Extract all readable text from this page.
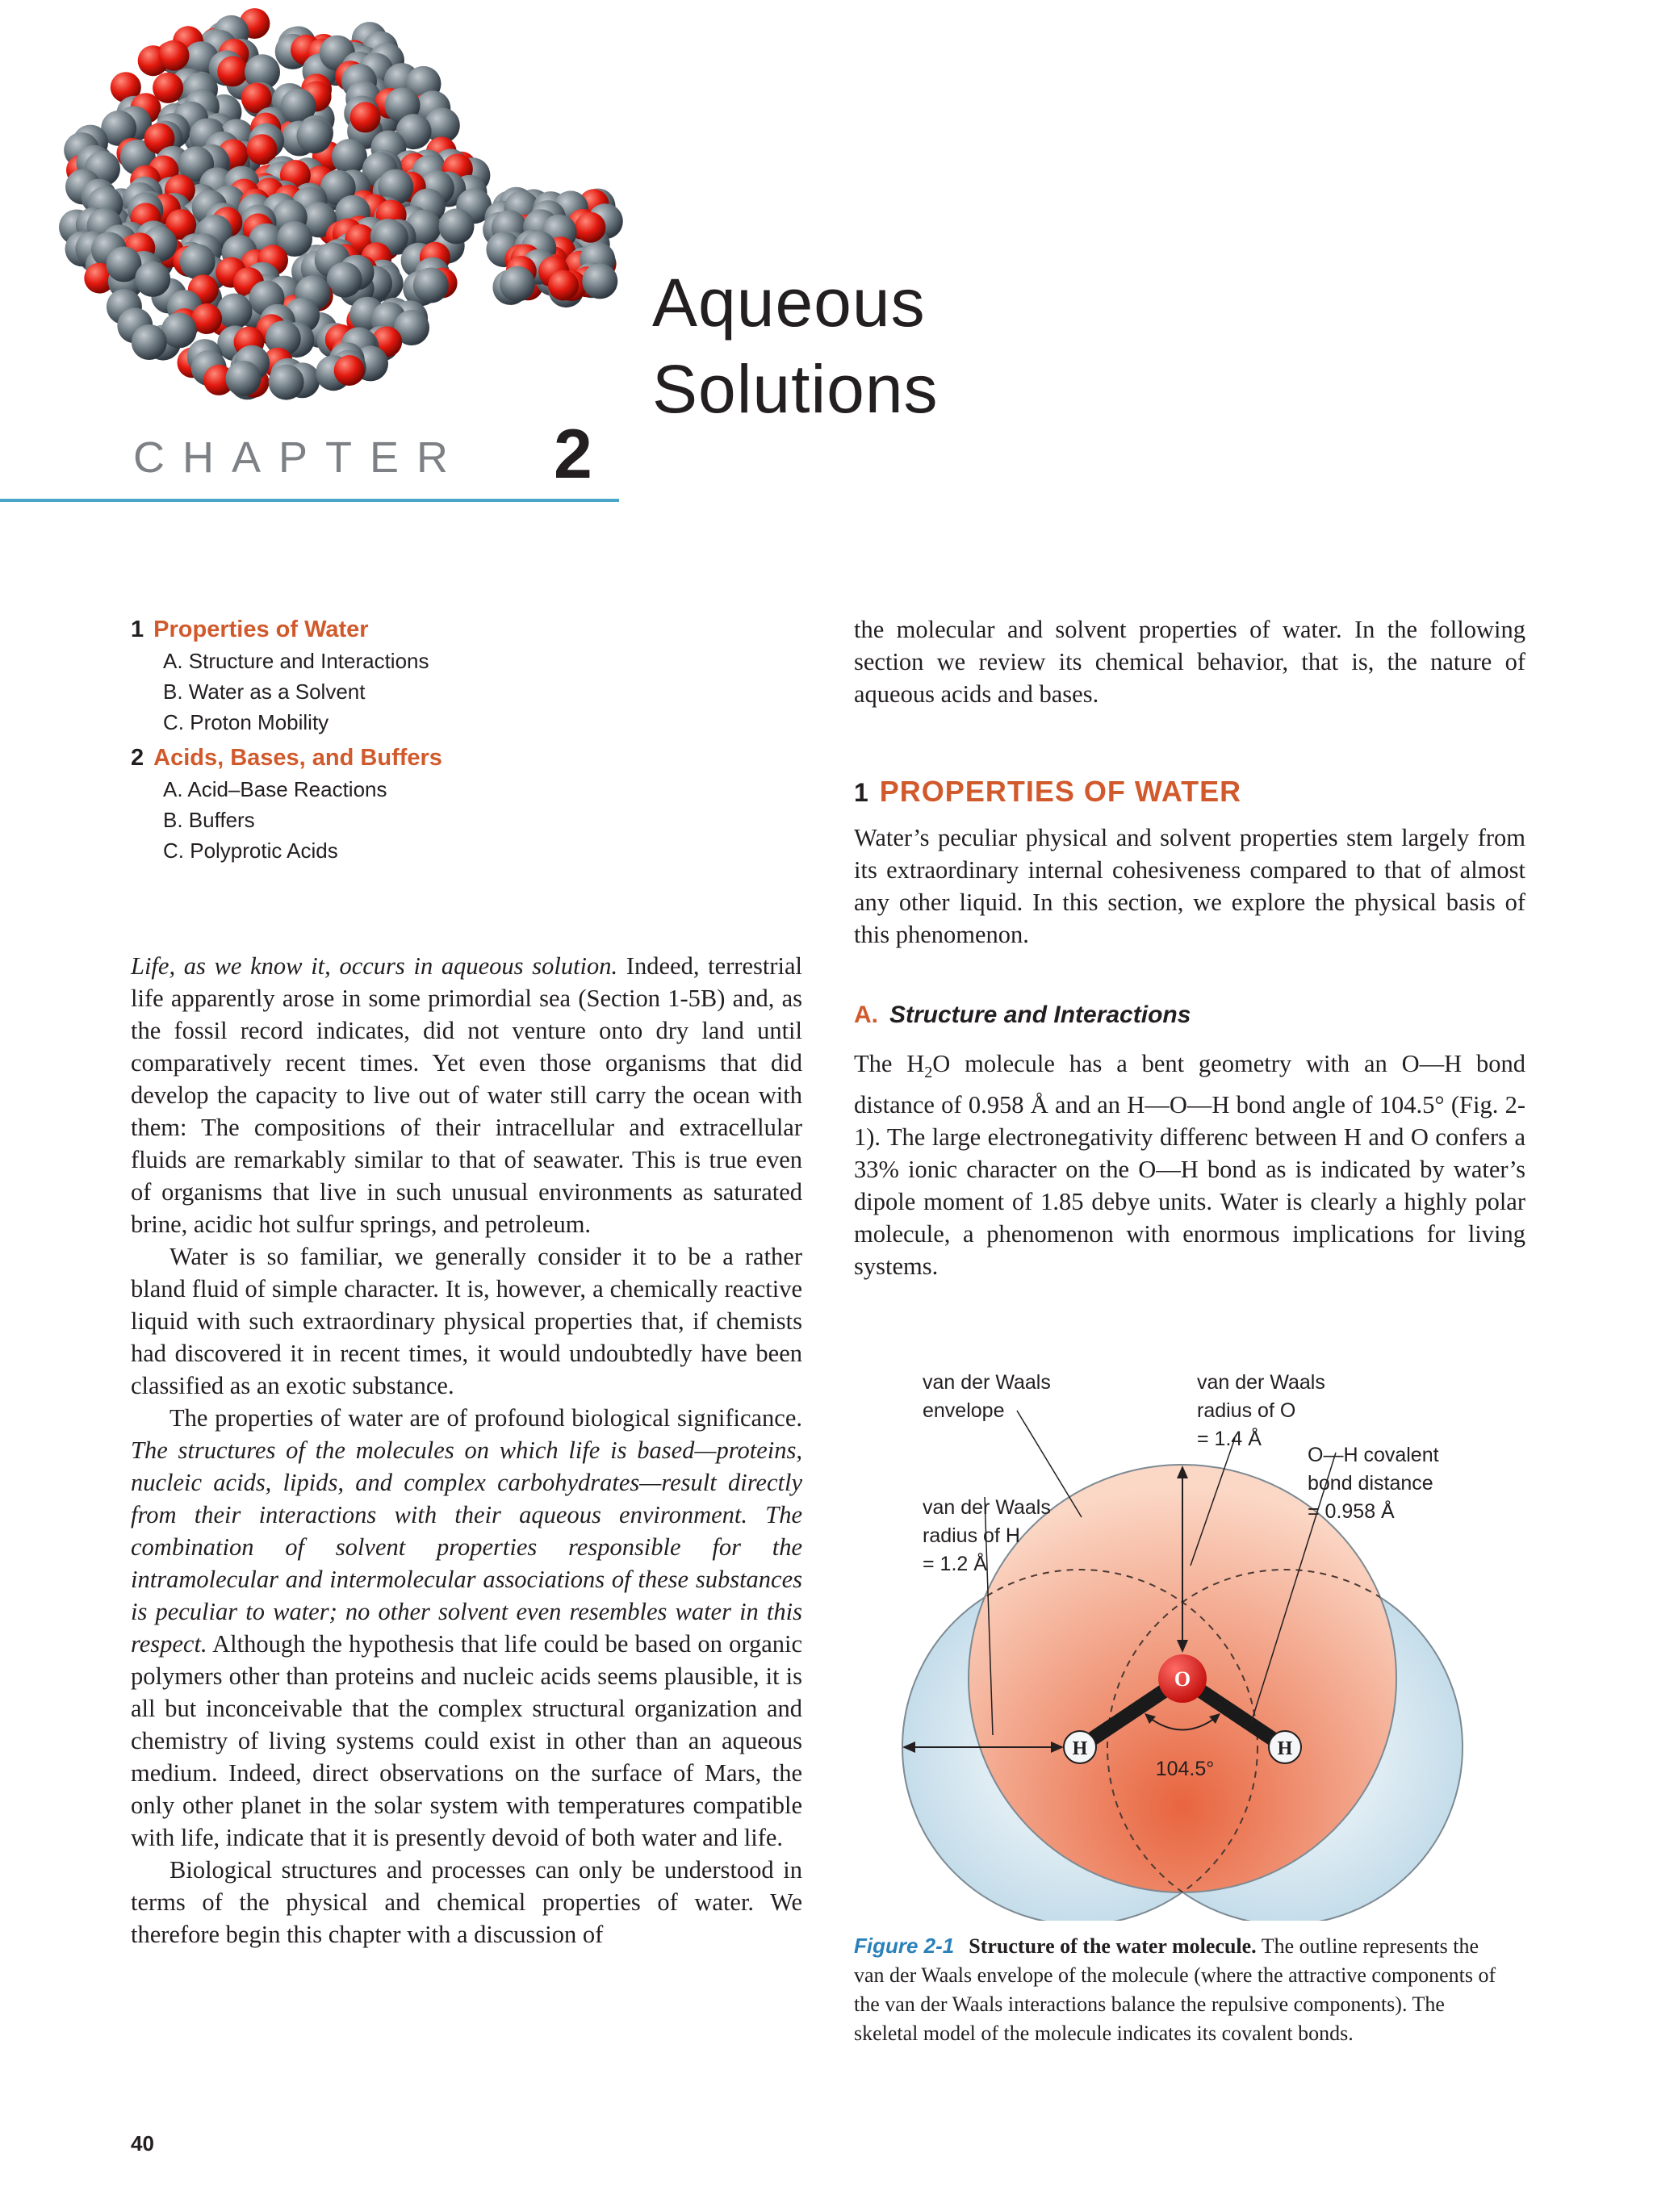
Aqueous
Solutions
CHAPTER 2
1 Properties of Water
A. Structure and Interactions
B. Water as a Solvent
C. Proton Mobility
2 Acids, Bases, and Buffers
A. Acid–Base Reactions
B. Buffers
C. Polyprotic Acids

Life, as we know it, occurs in aqueous solution. Indeed, terrestrial life apparently arose in some primordial sea (Section 1-5B) and, as the fossil record indicates, did not venture onto dry land until comparatively recent times. Yet even those organisms that did develop the capacity to live out of water still carry the ocean with them: The compositions of their intracellular and extracellular fluids are remarkably similar to that of seawater. This is true even of organisms that live in such unusual environments as saturated brine, acidic hot sulfur springs, and petroleum.

Water is so familiar, we generally consider it to be a rather bland fluid of simple character. It is, however, a chemically reactive liquid with such extraordinary physical properties that, if chemists had discovered it in recent times, it would undoubtedly have been classified as an exotic substance.

The properties of water are of profound biological significance. The structures of the molecules on which life is based—proteins, nucleic acids, lipids, and complex carbohydrates—result directly from their interactions with their aqueous environment. The combination of solvent properties responsible for the intramolecular and intermolecular associations of these substances is peculiar to water; no other solvent even resembles water in this respect. Although the hypothesis that life could be based on organic polymers other than proteins and nucleic acids seems plausible, it is all but inconceivable that the complex structural organization and chemistry of living systems could exist in other than an aqueous medium. Indeed, direct observations on the surface of Mars, the only other planet in the solar system with temperatures compatible with life, indicate that it is presently devoid of both water and life.

Biological structures and processes can only be understood in terms of the physical and chemical properties of water. We therefore begin this chapter with a discussion of

the molecular and solvent properties of water. In the following section we review its chemical behavior, that is, the nature of aqueous acids and bases.

1 PROPERTIES OF WATER

Water’s peculiar physical and solvent properties stem largely from its extraordinary internal cohesiveness compared to that of almost any other liquid. In this section, we explore the physical basis of this phenomenon.

A. Structure and Interactions

The $H_2O$ molecule has a bent geometry with an O—H bond distance of 0.958 Å and an H—O—H bond angle of 104.5° (Fig. 2-1). The large electronegativity differenc between H and O confers a 33% ionic character on the O—H bond as is indicated by water’s dipole moment of 1.85 debye units. Water is clearly a highly polar molecule, a phenomenon with enormous implications for living systems.

104.5°
O
H	H
van der Waals
envelope
van der Waals
radius of O
= 1.4 Å
O—H covalent
bond distance
= 0.958 Å
van der Waals
radius of H
= 1.2 Å
Figure 2-1 Structure of the water molecule. The outline represents the van der Waals envelope of the molecule (where the attractive components of the van der Waals interactions balance the repulsive components). The skeletal model of the molecule indicates its covalent bonds.
40
